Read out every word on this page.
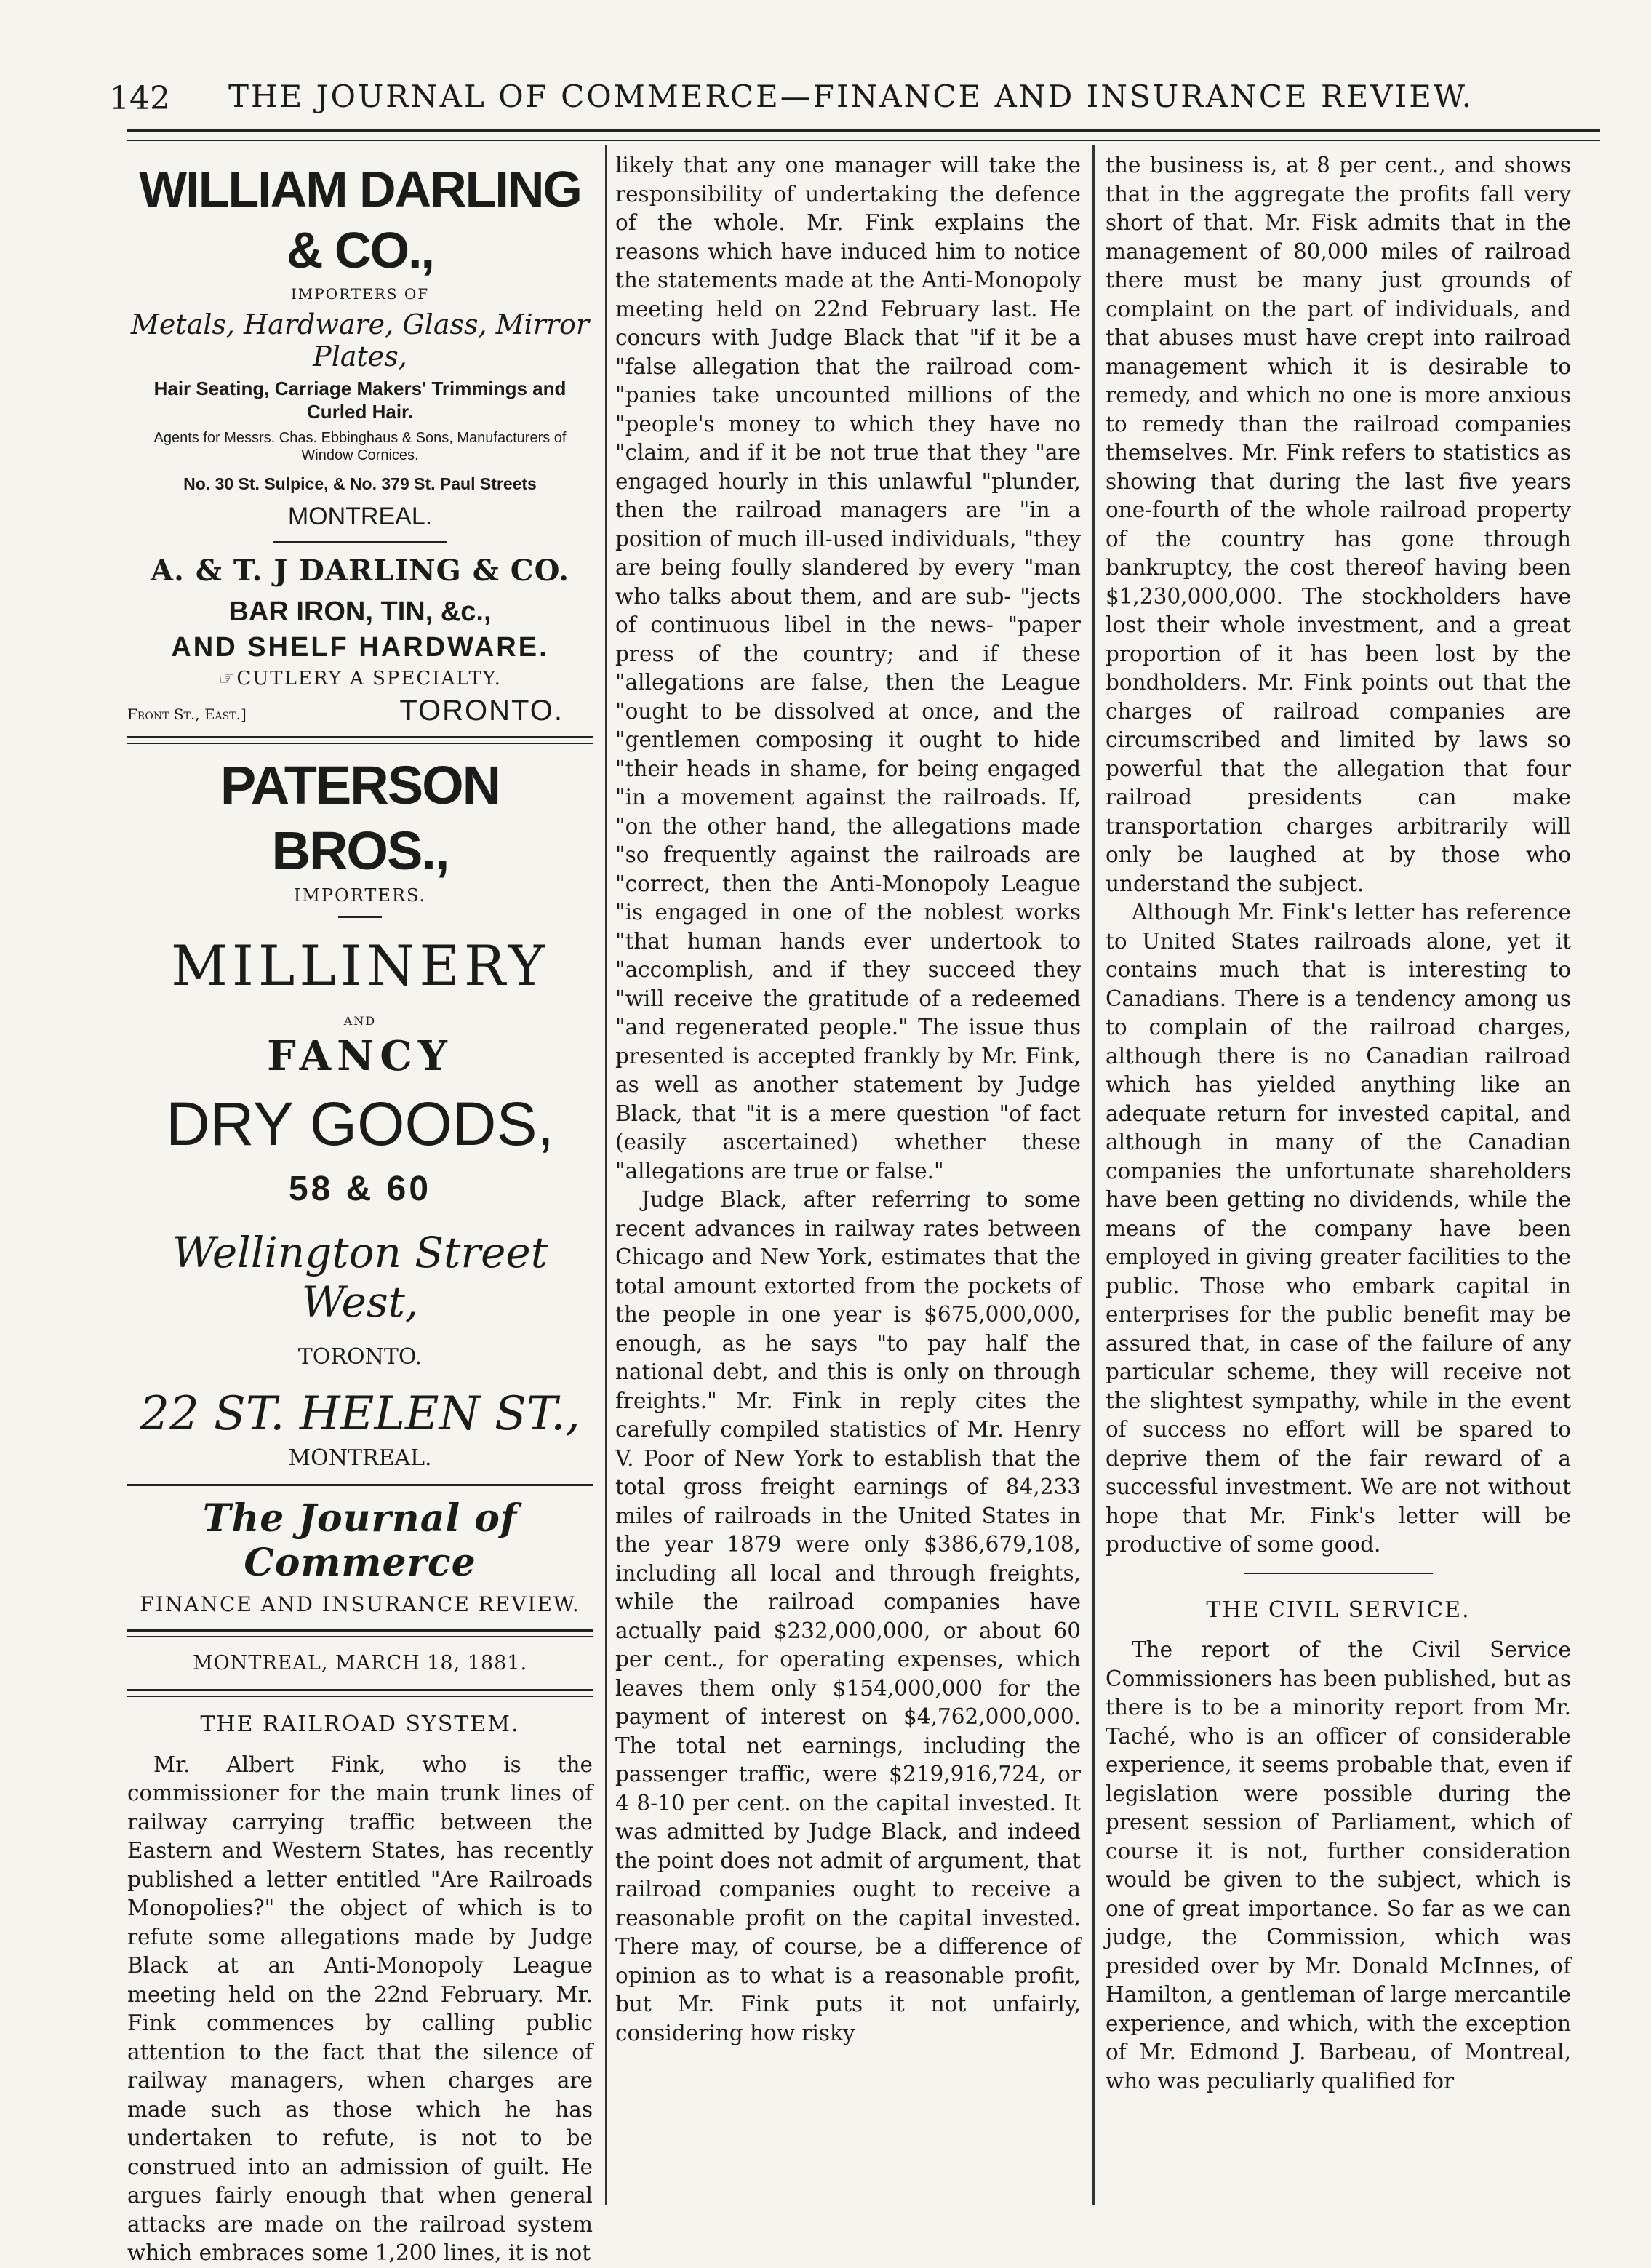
142	THE JOURNAL OF COMMERCE—FINANCE AND INSURANCE REVIEW.
WILLIAM DARLING & CO.,
IMPORTERS OF
Metals, Hardware, Glass, Mirror Plates,
Hair Seating, Carriage Makers' Trimmings and Curled Hair.
Agents for Messrs. Chas. Ebbinghaus & Sons, Manufacturers of Window Cornices.
No. 30 St. Sulpice, & No. 379 St. Paul Streets
MONTREAL.
A. & T. J DARLING & CO.
BAR IRON, TIN, &c.,
AND SHELF HARDWARE.
☞CUTLERY A SPECIALTY.
Front St., East.]	TORONTO.
PATERSON BROS.,
IMPORTERS.
MILLINERY
AND
FANCY
DRY GOODS,
58 & 60
Wellington Street West,
TORONTO.
22 ST. HELEN ST.,
MONTREAL.
The Journal of Commerce
FINANCE AND INSURANCE REVIEW.
MONTREAL, MARCH 18, 1881.
THE RAILROAD SYSTEM.

Mr. Albert Fink, who is the commissioner for the main trunk lines of railway carrying traffic between the Eastern and Western States, has recently published a letter entitled "Are Railroads Monopolies?" the object of which is to refute some allegations made by Judge Black at an Anti-Monopoly League meeting held on the 22nd February. Mr. Fink commences by calling public attention to the fact that the silence of railway managers, when charges are made such as those which he has undertaken to refute, is not to be construed into an admission of guilt. He argues fairly enough that when general attacks are made on the railroad system which embraces some 1,200 lines, it is not

likely that any one manager will take the responsibility of undertaking the defence of the whole. Mr. Fink explains the reasons which have induced him to notice the statements made at the Anti-Monopoly meeting held on 22nd February last. He concurs with Judge Black that "if it be a "false allegation that the railroad com- "panies take uncounted millions of the "people's money to which they have no "claim, and if it be not true that they "are engaged hourly in this unlawful "plunder, then the railroad managers are "in a position of much ill-used individuals, "they are being foully slandered by every "man who talks about them, and are sub- "jects of continuous libel in the news- "paper press of the country; and if these "allegations are false, then the League "ought to be dissolved at once, and the "gentlemen composing it ought to hide "their heads in shame, for being engaged "in a movement against the railroads. If, "on the other hand, the allegations made "so frequently against the railroads are "correct, then the Anti-Monopoly League "is engaged in one of the noblest works "that human hands ever undertook to "accomplish, and if they succeed they "will receive the gratitude of a redeemed "and regenerated people." The issue thus presented is accepted frankly by Mr. Fink, as well as another statement by Judge Black, that "it is a mere question "of fact (easily ascertained) whether these "allegations are true or false."

Judge Black, after referring to some recent advances in railway rates between Chicago and New York, estimates that the total amount extorted from the pockets of the people in one year is $675,000,000, enough, as he says "to pay half the national debt, and this is only on through freights." Mr. Fink in reply cites the carefully compiled statistics of Mr. Henry V. Poor of New York to establish that the total gross freight earnings of 84,233 miles of railroads in the United States in the year 1879 were only $386,679,108, including all local and through freights, while the railroad companies have actually paid $232,000,000, or about 60 per cent., for operating expenses, which leaves them only $154,000,000 for the payment of interest on $4,762,000,000. The total net earnings, including the passenger traffic, were $219,916,724, or 4 8-10 per cent. on the capital invested. It was admitted by Judge Black, and indeed the point does not admit of argument, that railroad companies ought to receive a reasonable profit on the capital invested. There may, of course, be a difference of opinion as to what is a reasonable profit, but Mr. Fink puts it not unfairly, considering how risky

the business is, at 8 per cent., and shows that in the aggregate the profits fall very short of that. Mr. Fisk admits that in the management of 80,000 miles of railroad there must be many just grounds of complaint on the part of individuals, and that abuses must have crept into railroad management which it is desirable to remedy, and which no one is more anxious to remedy than the railroad companies themselves. Mr. Fink refers to statistics as showing that during the last five years one-fourth of the whole railroad property of the country has gone through bankruptcy, the cost thereof having been $1,230,000,000. The stockholders have lost their whole investment, and a great proportion of it has been lost by the bondholders. Mr. Fink points out that the charges of railroad companies are circumscribed and limited by laws so powerful that the allegation that four railroad presidents can make transportation charges arbitrarily will only be laughed at by those who understand the subject.

Although Mr. Fink's letter has reference to United States railroads alone, yet it contains much that is interesting to Canadians. There is a tendency among us to complain of the railroad charges, although there is no Canadian railroad which has yielded anything like an adequate return for invested capital, and although in many of the Canadian companies the unfortunate shareholders have been getting no dividends, while the means of the company have been employed in giving greater facilities to the public. Those who embark capital in enterprises for the public benefit may be assured that, in case of the failure of any particular scheme, they will receive not the slightest sympathy, while in the event of success no effort will be spared to deprive them of the fair reward of a successful investment. We are not without hope that Mr. Fink's letter will be productive of some good.

THE CIVIL SERVICE.

The report of the Civil Service Commissioners has been published, but as there is to be a minority report from Mr. Taché, who is an officer of considerable experience, it seems probable that, even if legislation were possible during the present session of Parliament, which of course it is not, further consideration would be given to the subject, which is one of great importance. So far as we can judge, the Commission, which was presided over by Mr. Donald McInnes, of Hamilton, a gentleman of large mercantile experience, and which, with the exception of Mr. Edmond J. Barbeau, of Montreal, who was peculiarly qualified for
